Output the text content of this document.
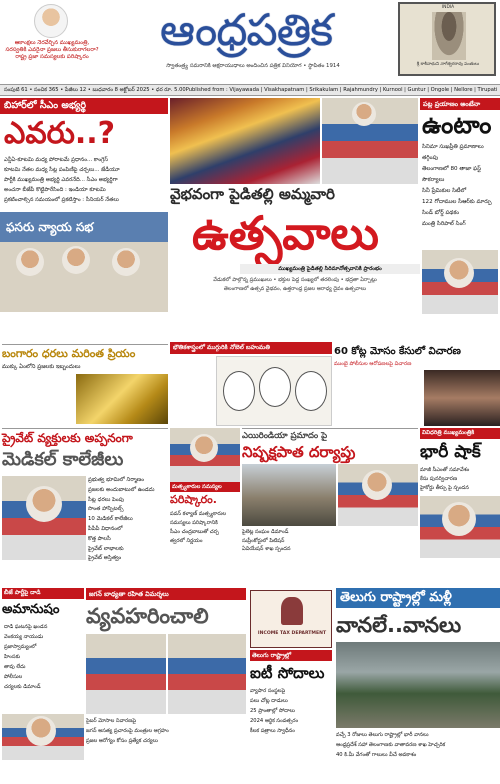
ఆకాంక్షలు నెరవేర్చిన ముఖ్యమంత్రి, సరస్వతికి ఎవరైనా ప్రజలు తీసుకురాగలరా? రాష్ట్ర ప్రజా సమస్యలకు పరిష్కారం
ఆంధ్రపత్రిక
స్వాతంత్ర్య సమరానికి ఆక్షరాయుధాలు అందించిన పత్రిక వినియోగ • స్థాపితం 1914
INDIA
శ్రీ కాశీనాథుని నాగేశ్వరరావు పంతులు
సంపుటి 61 • సంచిక 365 • పేజీలు 12 • బుధవారం 8 అక్టోబర్ 2025 • ధర రూ. 5.00 Published from : Vijayawada | Visakhapatnam | Srikakulam | Rajahmundry | Kurnool | Guntur | Ongole | Nellore | Tirupati
బిహార్‌లో సీఎం అభ్యర్థి
ఎవరు..?
ఎన్డీఏ-కూటమి మధ్య పోరాటమే ప్రధానం... కాంగ్రెస్
కూటమి నేతల మధ్య సీట్ల పంపిణీపై చర్చలు... జేడీయూ
పార్టీకి ముఖ్యమంత్రి అభ్యర్థి ఎవరనేది... సీఎం అభ్యర్థిగా
అంచనా బీజేపీ కొట్టిపారేసింది : ఇండియా కూటమి
ప్రకటించాల్సిన సమయంలో ప్రకటిస్తాం : సీనియర్ నేతలు
ఫసరు న్యాయ సభ
వైభవంగా పైడితల్లి అమ్మవారి
ఉత్సవాలు
ముఖ్యమంత్రి పైడితల్లి సిరిమానోత్సవానికి ప్రారంభం
వేడుకలో పాల్గొన్న ప్రముఖులు • భక్తుల పెద్ద సంఖ్యలో తరలింపు • భద్రతా ఏర్పాట్లు
తెలంగాణలో ఉత్సవ వైభవం, ఉత్తరాంధ్ర ప్రజల ఆరాధ్య దైవం ఉత్సవాలు
పట్ల ప్రయాణం అంటేనా
ఉంటాం
సినిమా సుఖప్రీతి ప్రమాణాలు తగ్గింపు
తెలంగాణలో 80 తాజా ఫస్ట్ సౌకర్యాలు
సినీ ప్రేమికుల సిటీలో
122 గోదాముల సీఆర్‌కు మార్పు
సిండ్ బోర్డ్ పథకం
మంత్రి సిరిపాల్ సింగ్
బంగారం ధరలు మరింత ప్రియం
ముక్కు ఏంలోని ప్రజలకు ఇబ్బందులు
భౌతికశాస్త్రంలో ముగ్గురికి నోబెల్ బహుమతి	60 కోట్ల మోసం కేసులో విచారణ
ముంబై పోలీసుల ఆరోపణలపై విచారణ
ప్రైవేట్ వ్యక్తులకు అప్పనంగా
మెడికల్ కాలేజీలు
ప్రభుత్వ భూమిలో నిర్మాణం
ప్రజలకు అందుబాటులో ఉండదు
సీట్ల ధరలు పెంపు
సొంత హాస్పిటల్స్
10 మెడికల్ కాలేజీలు
పీపీపీ విధానంలో
కొత్త పాలసీ
ప్రైవేట్ లాభాలకు
ప్రైవేట్ అస్తిత్వం
మత్స్యకారుల సమస్యల
పరిష్కారం.
పవన్ కళ్యాణ్ మత్స్యకారుల సమస్యలు పరిష్కారానికి
సీఎం చంద్రబాబుతో చర్చ
త్వరలో నిర్ణయం
ఎయిరిండియా ప్రమాదం పై
నిష్పక్షపాత దర్యాప్తు
పైలెట్ల సంఘం డిమాండ్
సుప్రీంకోర్టులో పిటిషన్
ఏవియేషన్ శాఖ స్పందన
వివిధరిత్రి ముఖ్యమంత్రికి
భారీ షాక్
మాజీ సీఎంతో సమావేశం
కేసు పునర్విచారణ
హైకోర్టు తీర్పు పై స్పందన
బీజే పార్టీపై దాడి
అమానుషం
దాడి ఘటనపై ఖండన
వెంకయ్య నాయుడు
ప్రజాస్వామ్యంలో
హింసకు
తావు లేదు
పోలీసుల
చర్యలకు డిమాండ్
జగన్ బాధ్యతా రహిత విమర్శలు
వ్యవహరించాలి
సైబర్ మోసాల నివారణపై
జగన్ అసత్య ప్రచారంపై మంత్రుల ఆగ్రహం
ప్రజల ఆరోగ్యం కోసం ప్రత్యేక చర్యలు
INCOME TAX DEPARTMENT
తెలుగు రాష్ట్రాల్లో
ఐటీ సోదాలు
వ్యాపార సంస్థలపై
పలు చోట్ల దాడులు
25 ప్రాంతాల్లో సోదాలు
2024 ఆర్థిక సంవత్సరం
కీలక పత్రాలు స్వాధీనం
తెలుగు రాష్ట్రాల్లో మళ్లీ
వానలే..వానలు
వచ్చే 3 రోజులు తెలుగు రాష్ట్రాల్లో భారీ వానలు
ఆంధ్రప్రదేశ్ సహా తెలంగాణకు వాతావరణ శాఖ హెచ్చరిక
40 కి.మీ వేగంతో గాలులు వీచే అవకాశం
